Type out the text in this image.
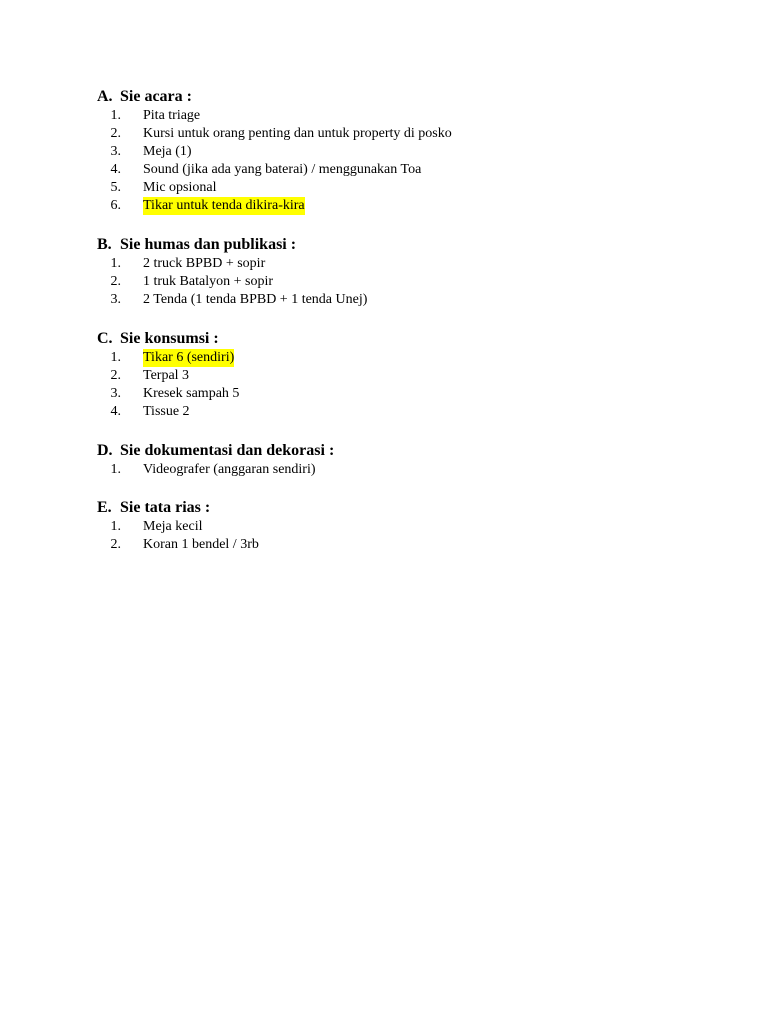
A. Sie acara :
1.	Pita triage
2.	Kursi untuk orang penting dan untuk property di posko
3.	Meja (1)
4.	Sound (jika ada yang baterai) / menggunakan Toa
5.	Mic opsional
6.	Tikar untuk tenda dikira-kira
B. Sie humas dan publikasi :
1.	2 truck BPBD + sopir
2.	1 truk Batalyon + sopir
3.	2 Tenda (1 tenda BPBD + 1 tenda Unej)
C. Sie konsumsi :
1.	Tikar 6 (sendiri)
2.	Terpal 3
3.	Kresek sampah 5
4.	Tissue 2
D. Sie dokumentasi dan dekorasi :
1.	Videografer (anggaran sendiri)
E. Sie tata rias :
1.	Meja kecil
2.	Koran 1 bendel / 3rb
